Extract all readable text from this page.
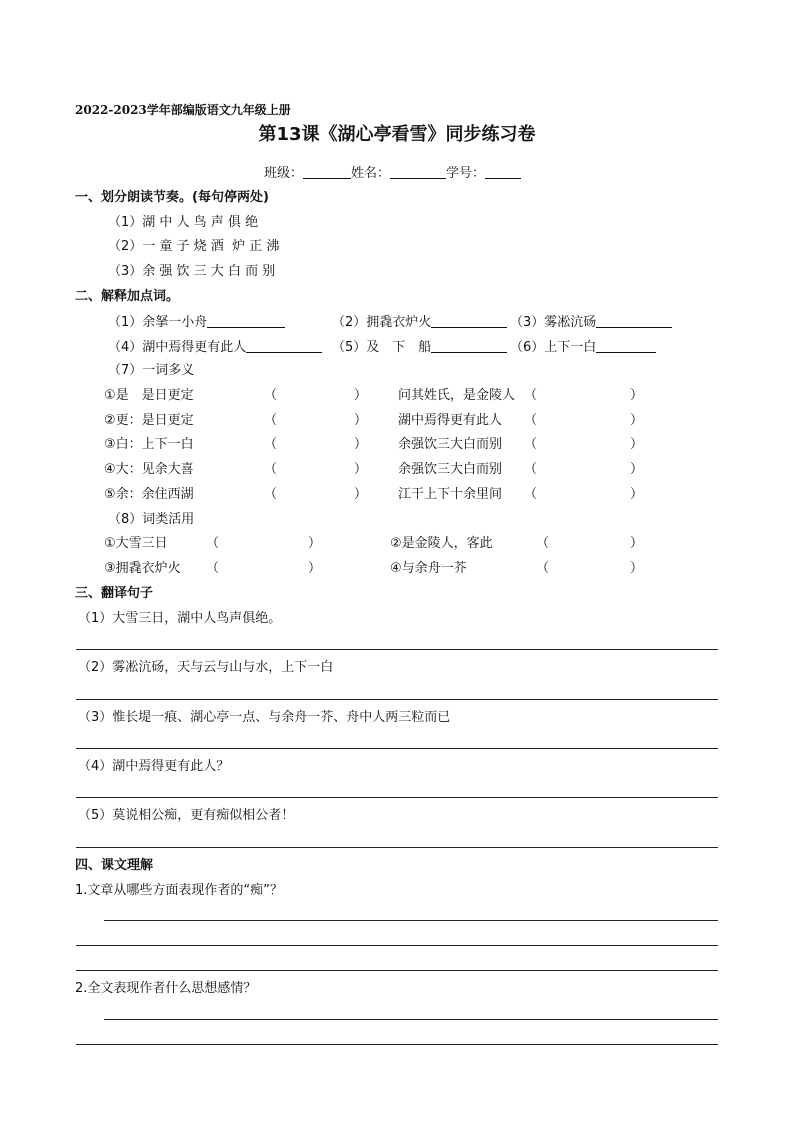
2022-2023学年部编版语文九年级上册
第13课《湖心亭看雪》同步练习卷
班级：	姓名：	学号：
一、划分朗读节奏。(每句停两处)
（1）湖 中 人 鸟 声 俱 绝
（2）一 童 子 烧 酒  炉 正 沸
（3）余 强 饮 三 大 白 而 别
二、解释加点词。
（1）余拏一小舟	（2）拥毳衣炉火	（3）雾凇沆砀
（4）湖中焉得更有此人	（5）及　下　船	（6）上下一白
（7）一词多义
①是　是日更定	（	） 问其姓氏，是金陵人 （	）
②更：是日更定	（	） 湖中焉得更有此人 （	）
③白：上下一白	（	） 余强饮三大白而别 （	）
④大：见余大喜	（	） 余强饮三大白而别 （	）
⑤余：余住西湖	（	） 江干上下十余里间 （	）
（8）词类活用
①大雪三日	（	）	②是金陵人，客此	（	）
③拥毳衣炉火 （	）	④与余舟一芥	（	）
三、翻译句子
（1）大雪三日，湖中人鸟声俱绝。
（2）雾凇沆砀，天与云与山与水，上下一白
（3）惟长堤一痕、湖心亭一点、与余舟一芥、舟中人两三粒而已
（4）湖中焉得更有此人？
（5）莫说相公痴，更有痴似相公者！
四、课文理解
1.文章从哪些方面表现作者的“痴”？
2.全文表现作者什么思想感情？
